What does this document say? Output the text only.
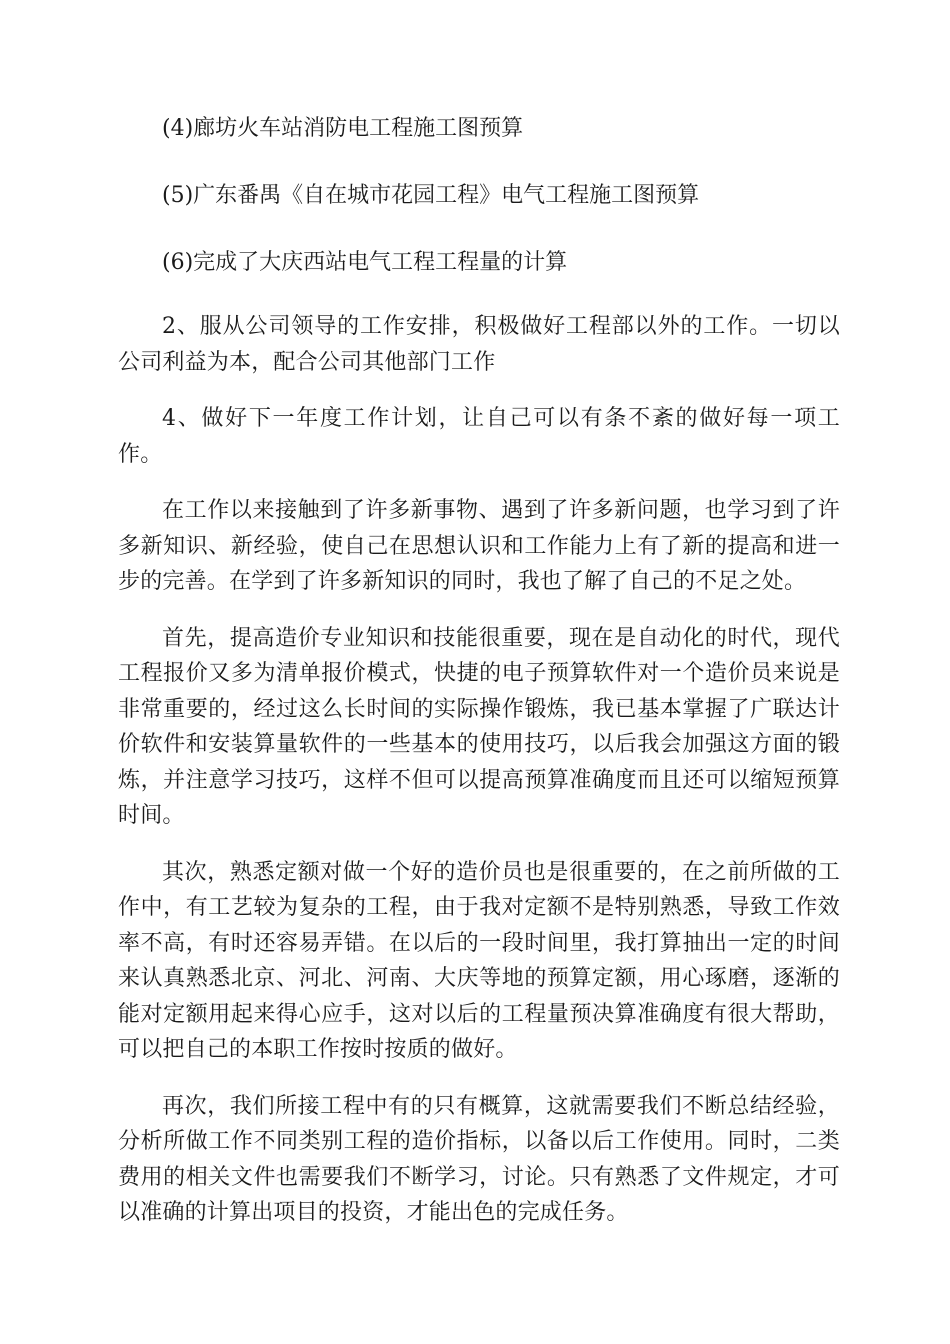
(4)廊坊火车站消防电工程施工图预算
(5)广东番禺《自在城市花园工程》电气工程施工图预算
(6)完成了大庆西站电气工程工程量的计算

2、服从公司领导的工作安排，积极做好工程部以外的工作。一切以公司利益为本，配合公司其他部门工作

4、做好下一年度工作计划，让自己可以有条不紊的做好每一项工作。

在工作以来接触到了许多新事物、遇到了许多新问题，也学习到了许多新知识、新经验，使自己在思想认识和工作能力上有了新的提高和进一步的完善。在学到了许多新知识的同时，我也了解了自己的不足之处。

首先，提高造价专业知识和技能很重要，现在是自动化的时代，现代工程报价又多为清单报价模式，快捷的电子预算软件对一个造价员来说是非常重要的，经过这么长时间的实际操作锻炼，我已基本掌握了广联达计价软件和安装算量软件的一些基本的使用技巧，以后我会加强这方面的锻炼，并注意学习技巧，这样不但可以提高预算准确度而且还可以缩短预算时间。

其次，熟悉定额对做一个好的造价员也是很重要的，在之前所做的工作中，有工艺较为复杂的工程，由于我对定额不是特别熟悉，导致工作效率不高，有时还容易弄错。在以后的一段时间里，我打算抽出一定的时间来认真熟悉北京、河北、河南、大庆等地的预算定额，用心琢磨，逐渐的能对定额用起来得心应手，这对以后的工程量预决算准确度有很大帮助，可以把自己的本职工作按时按质的做好。

再次，我们所接工程中有的只有概算，这就需要我们不断总结经验，分析所做工作不同类别工程的造价指标，以备以后工作使用。同时，二类费用的相关文件也需要我们不断学习，讨论。只有熟悉了文件规定，才可以准确的计算出项目的投资，才能出色的完成任务。
